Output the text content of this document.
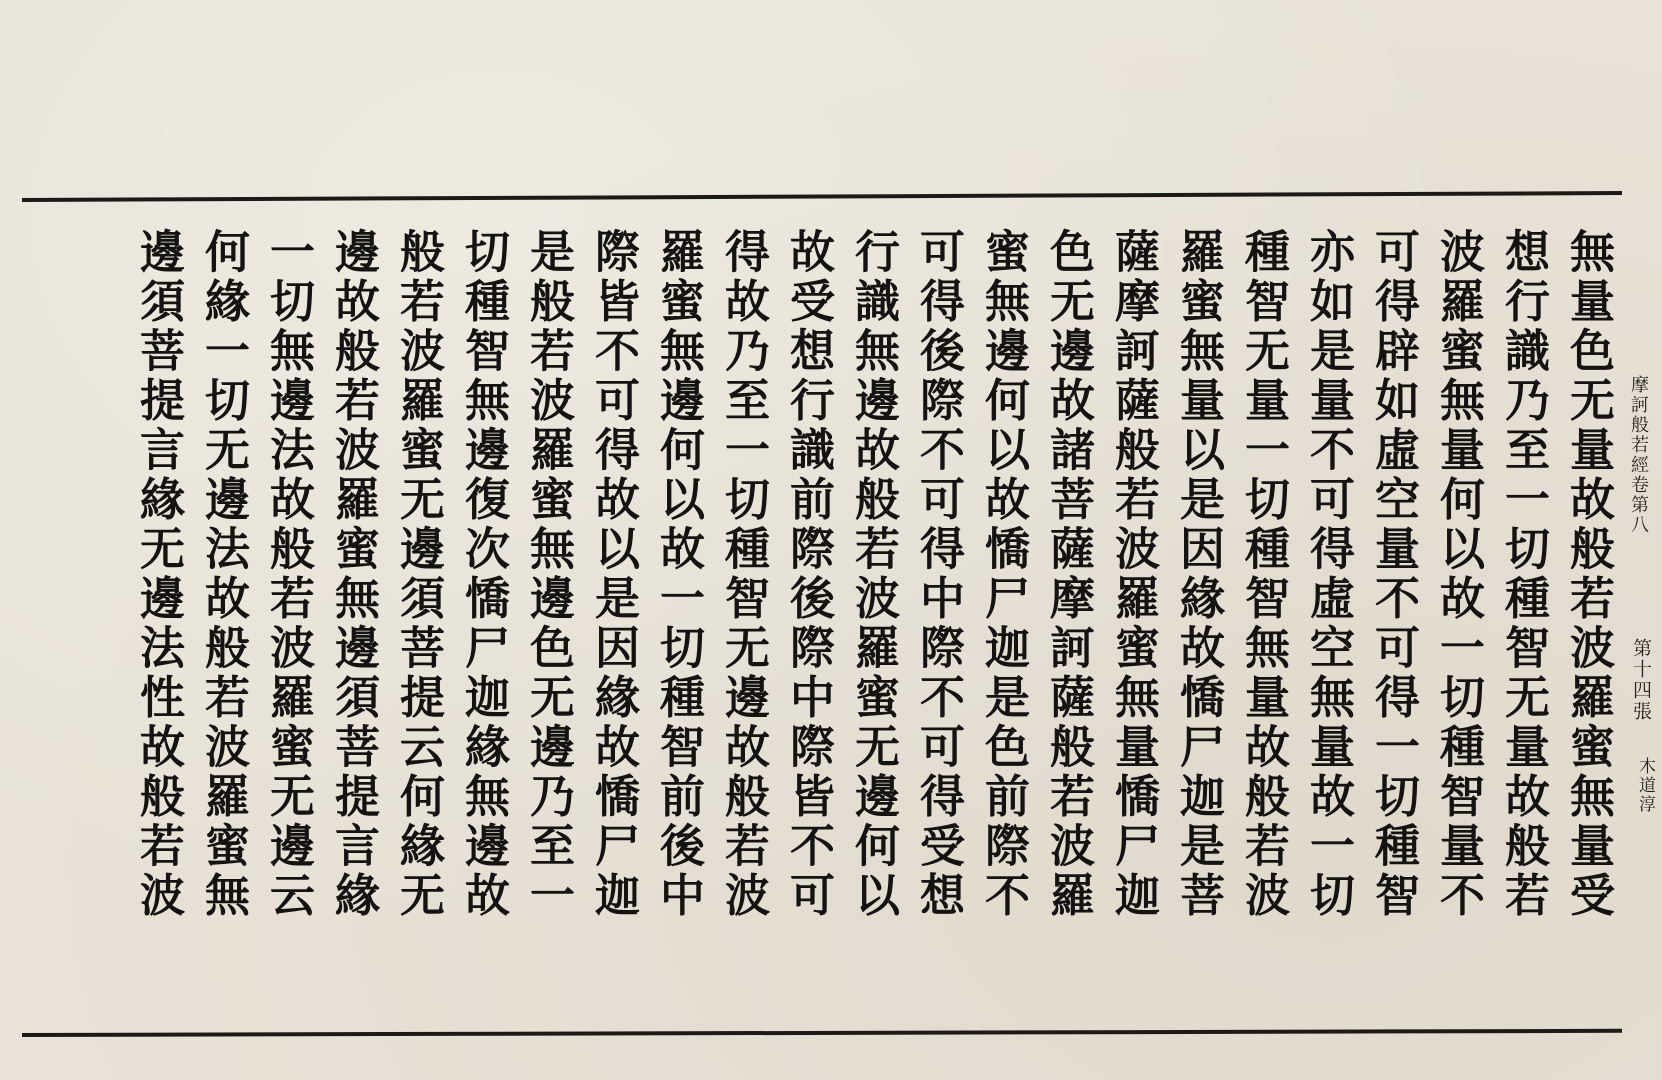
無量色无量故般若波羅蜜無量受
想行識乃至一切種智无量故般若
波羅蜜無量何以故一切種智量不
可得辟如虛空量不可得一切種智
亦如是量不可得虛空無量故一切
種智无量一切種智無量故般若波
羅蜜無量以是因緣故憍尸迦是菩
薩摩訶薩般若波羅蜜無量憍尸迦
色无邊故諸菩薩摩訶薩般若波羅
蜜無邊何以故憍尸迦是色前際不
可得後際不可得中際不可得受想
行識無邊故般若波羅蜜无邊何以
故受想行識前際後際中際皆不可
得故乃至一切種智无邊故般若波
羅蜜無邊何以故一切種智前後中
際皆不可得故以是因緣故憍尸迦
是般若波羅蜜無邊色无邊乃至一
切種智無邊復次憍尸迦緣無邊故
般若波羅蜜无邊須菩提云何緣无
邊故般若波羅蜜無邊須菩提言緣
一切無邊法故般若波羅蜜无邊云
何緣一切无邊法故般若波羅蜜無
邊須菩提言緣无邊法性故般若波	摩訶般若經卷第八
第十四張
木道淳
